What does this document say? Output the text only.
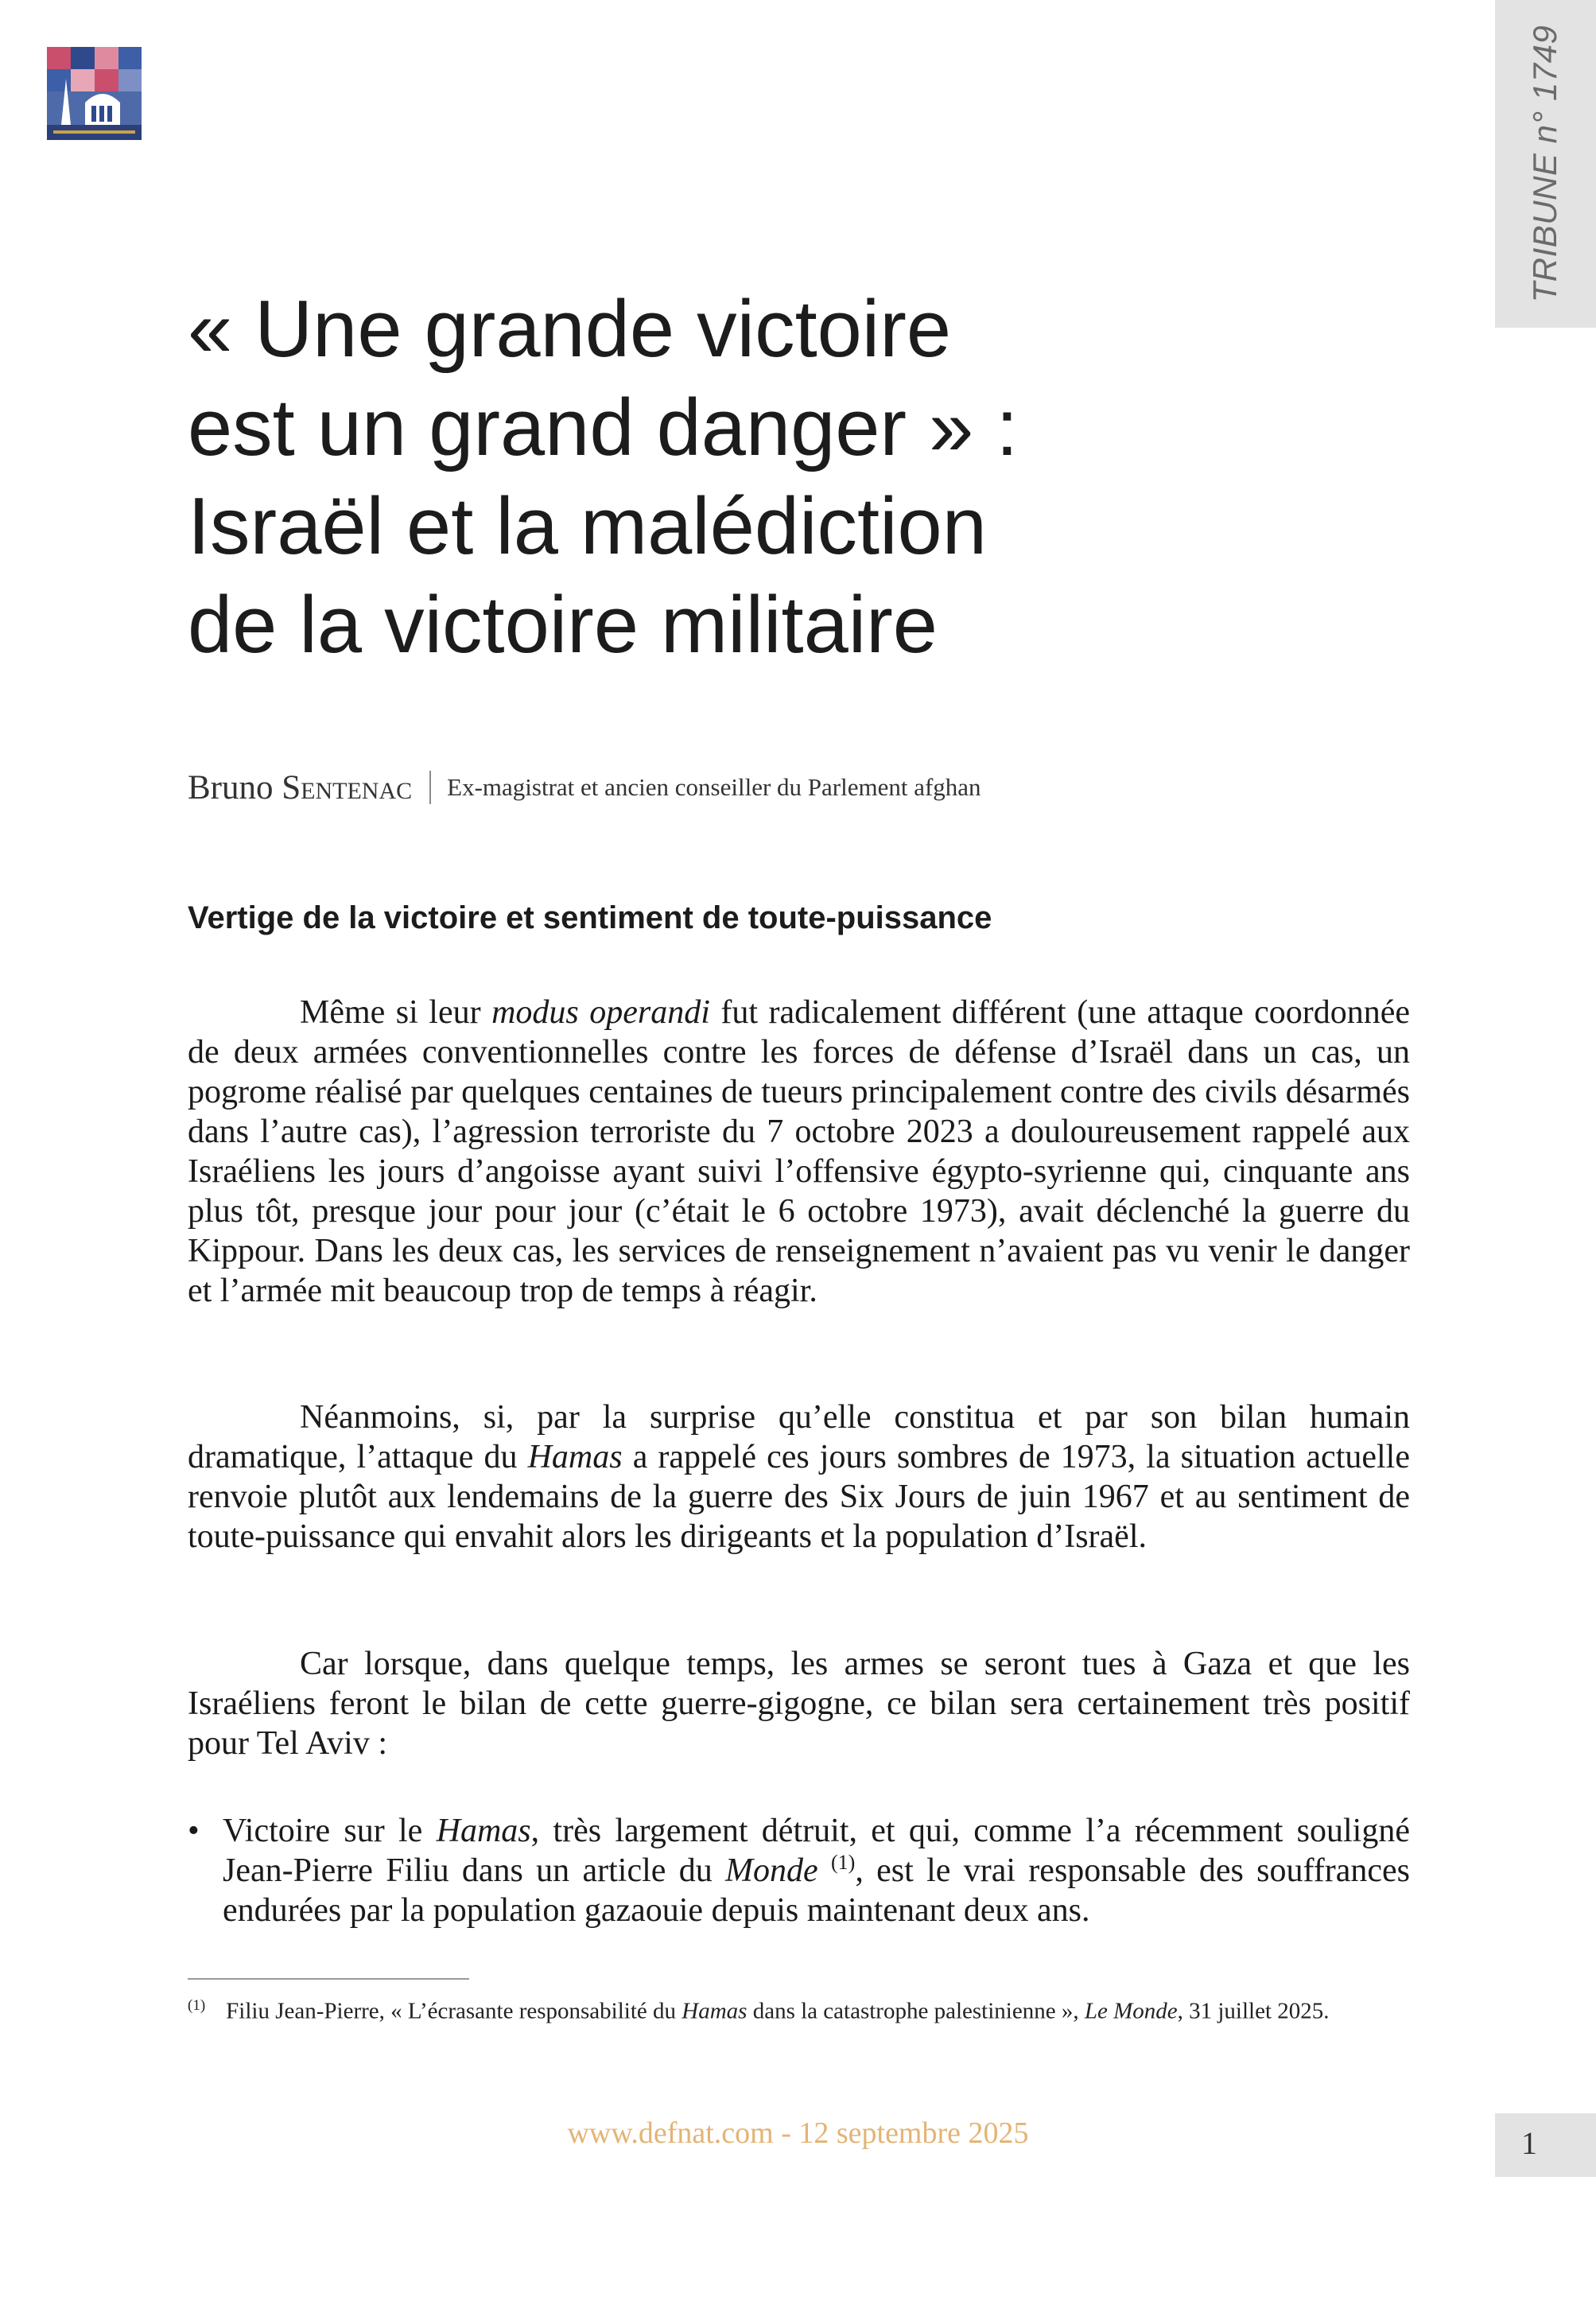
TRIBUNE n° 1749
« Une grande victoire
est un grand danger » :
Israël et la malédiction
de la victoire militaire
Bruno Sentenac Ex-magistrat et ancien conseiller du Parlement afghan
Vertige de la victoire et sentiment de toute-puissance

Même si leur modus operandi fut radicalement différent (une attaque coordonnée de deux armées conventionnelles contre les forces de défense d’Israël dans un cas, un pogrome réalisé par quelques centaines de tueurs principalement contre des civils désarmés dans l’autre cas), l’agression terroriste du 7 octobre 2023 a douloureusement rappelé aux Israéliens les jours d’angoisse ayant suivi l’offensive égypto-syrienne qui, cinquante ans plus tôt, presque jour pour jour (c’était le 6 octobre 1973), avait déclenché la guerre du Kippour. Dans les deux cas, les services de renseignement n’avaient pas vu venir le danger et l’armée mit beaucoup trop de temps à réagir.

Néanmoins, si, par la surprise qu’elle constitua et par son bilan humain dramatique, l’attaque du Hamas a rappelé ces jours sombres de 1973, la situation actuelle renvoie plutôt aux lendemains de la guerre des Six Jours de juin 1967 et au sentiment de toute-puissance qui envahit alors les dirigeants et la population d’Israël.

Car lorsque, dans quelque temps, les armes se seront tues à Gaza et que les Israéliens feront le bilan de cette guerre-gigogne, ce bilan sera certainement très positif pour Tel Aviv :

• Victoire sur le Hamas, très largement détruit, et qui, comme l’a récemment souligné Jean-Pierre Filiu dans un article du Monde $^{(1)}$, est le vrai responsable des souffrances endurées par la population gazaouie depuis maintenant deux ans.

$^{(1)}$ Filiu Jean-Pierre, « L’écrasante responsabilité du Hamas dans la catastrophe palestinienne », Le Monde, 31 juillet 2025.

www.defnat.com - 12 septembre 2025	1
